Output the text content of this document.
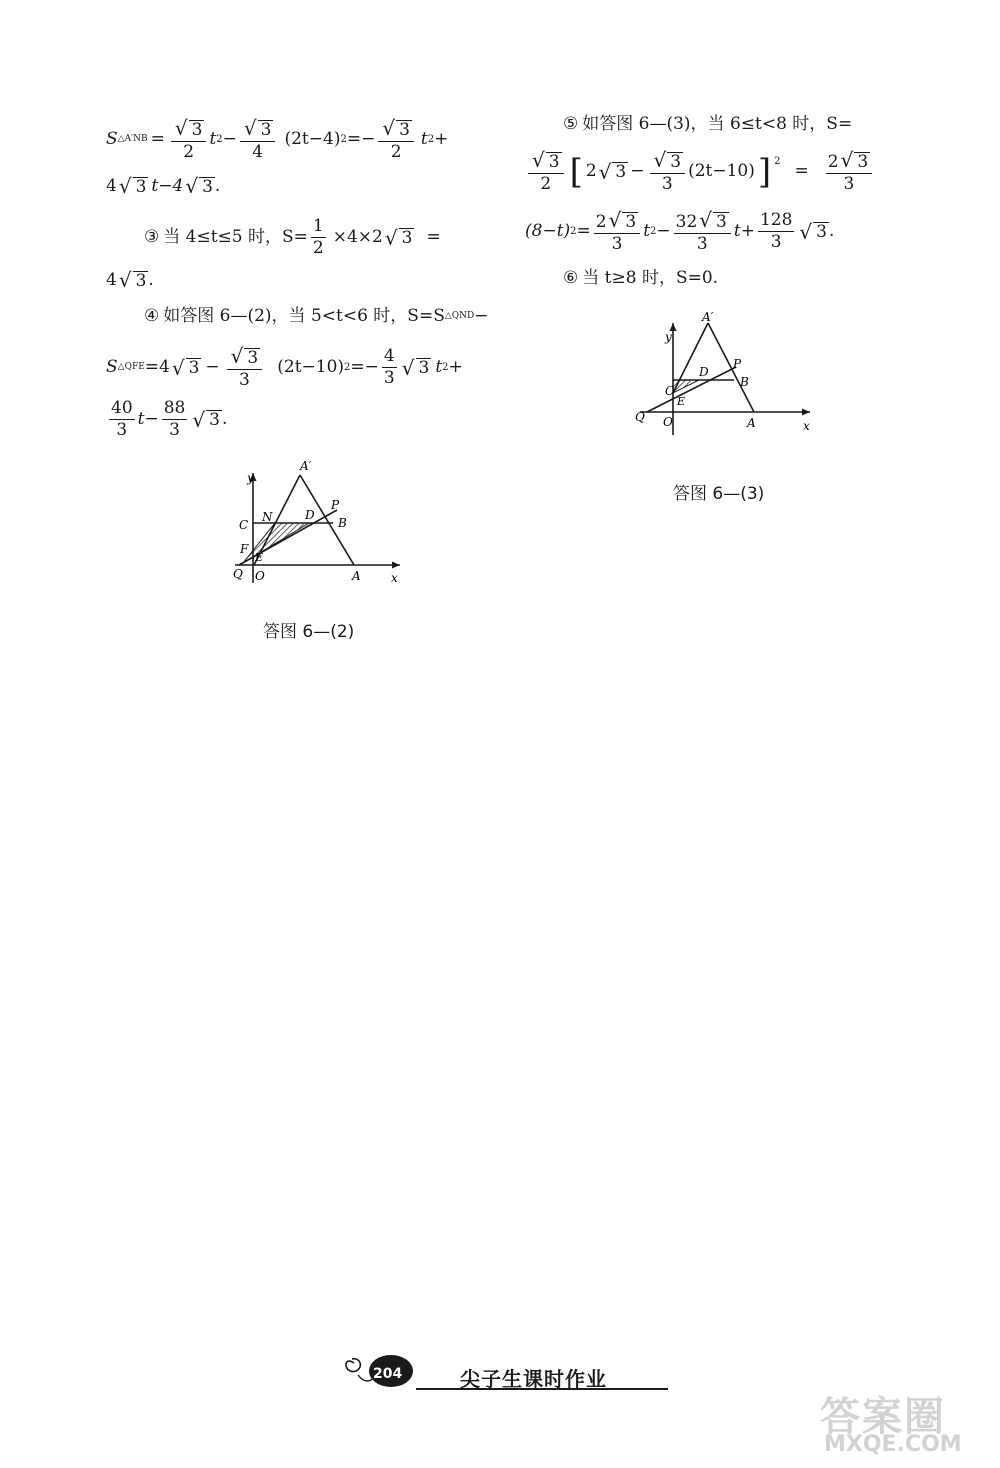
S △A′NB = $\frac{√ 3}{2}$ t $2 - \frac{√ 3}{4} (2t-4) 2 =- \frac{√ 3}{2}$ t 2 +
4 √ 3 t−4 √ 3 .
③ 当 4≤t≤5 时，$S= \frac{1}{2} \times 4\times 2$ √ 3 =
4 √ 3 .
④ 如答图 6—(2)，当 5<t<6 时，S=S △QND −
S △QFE =4 √ $3 - \frac{√ 3}{3} (2t-10) 2 =- \frac{4}{3}$ √ 3 t 2 +
$\frac{40}{3} t- \frac{88}{3}$ √ 3 .
y
x
A′
P
N	D
B
C
F
E
Q O	A
答图 6—(2)
⑤ 如答图 6—(3)，当 6≤t<8 时，S=
$\frac{√ 3}{2}$ [ 2 √ $3 - \frac{√ 3}{3} (2t-10)$ ] $^2 = \frac{2 √ 3}{3}$
(8−t) $2 = \frac{2 √ 3}{3}$ t $2 - \frac{32 √ 3}{3} t+ \frac{128}{3}$ √ 3 .
⑥ 当 t≥8 时，S=0.
y
x
A′
P
D
B
C
E
Q O	A
答图 6—(3)
204	尖子生课时作业
答案圈
MXQE.COM
